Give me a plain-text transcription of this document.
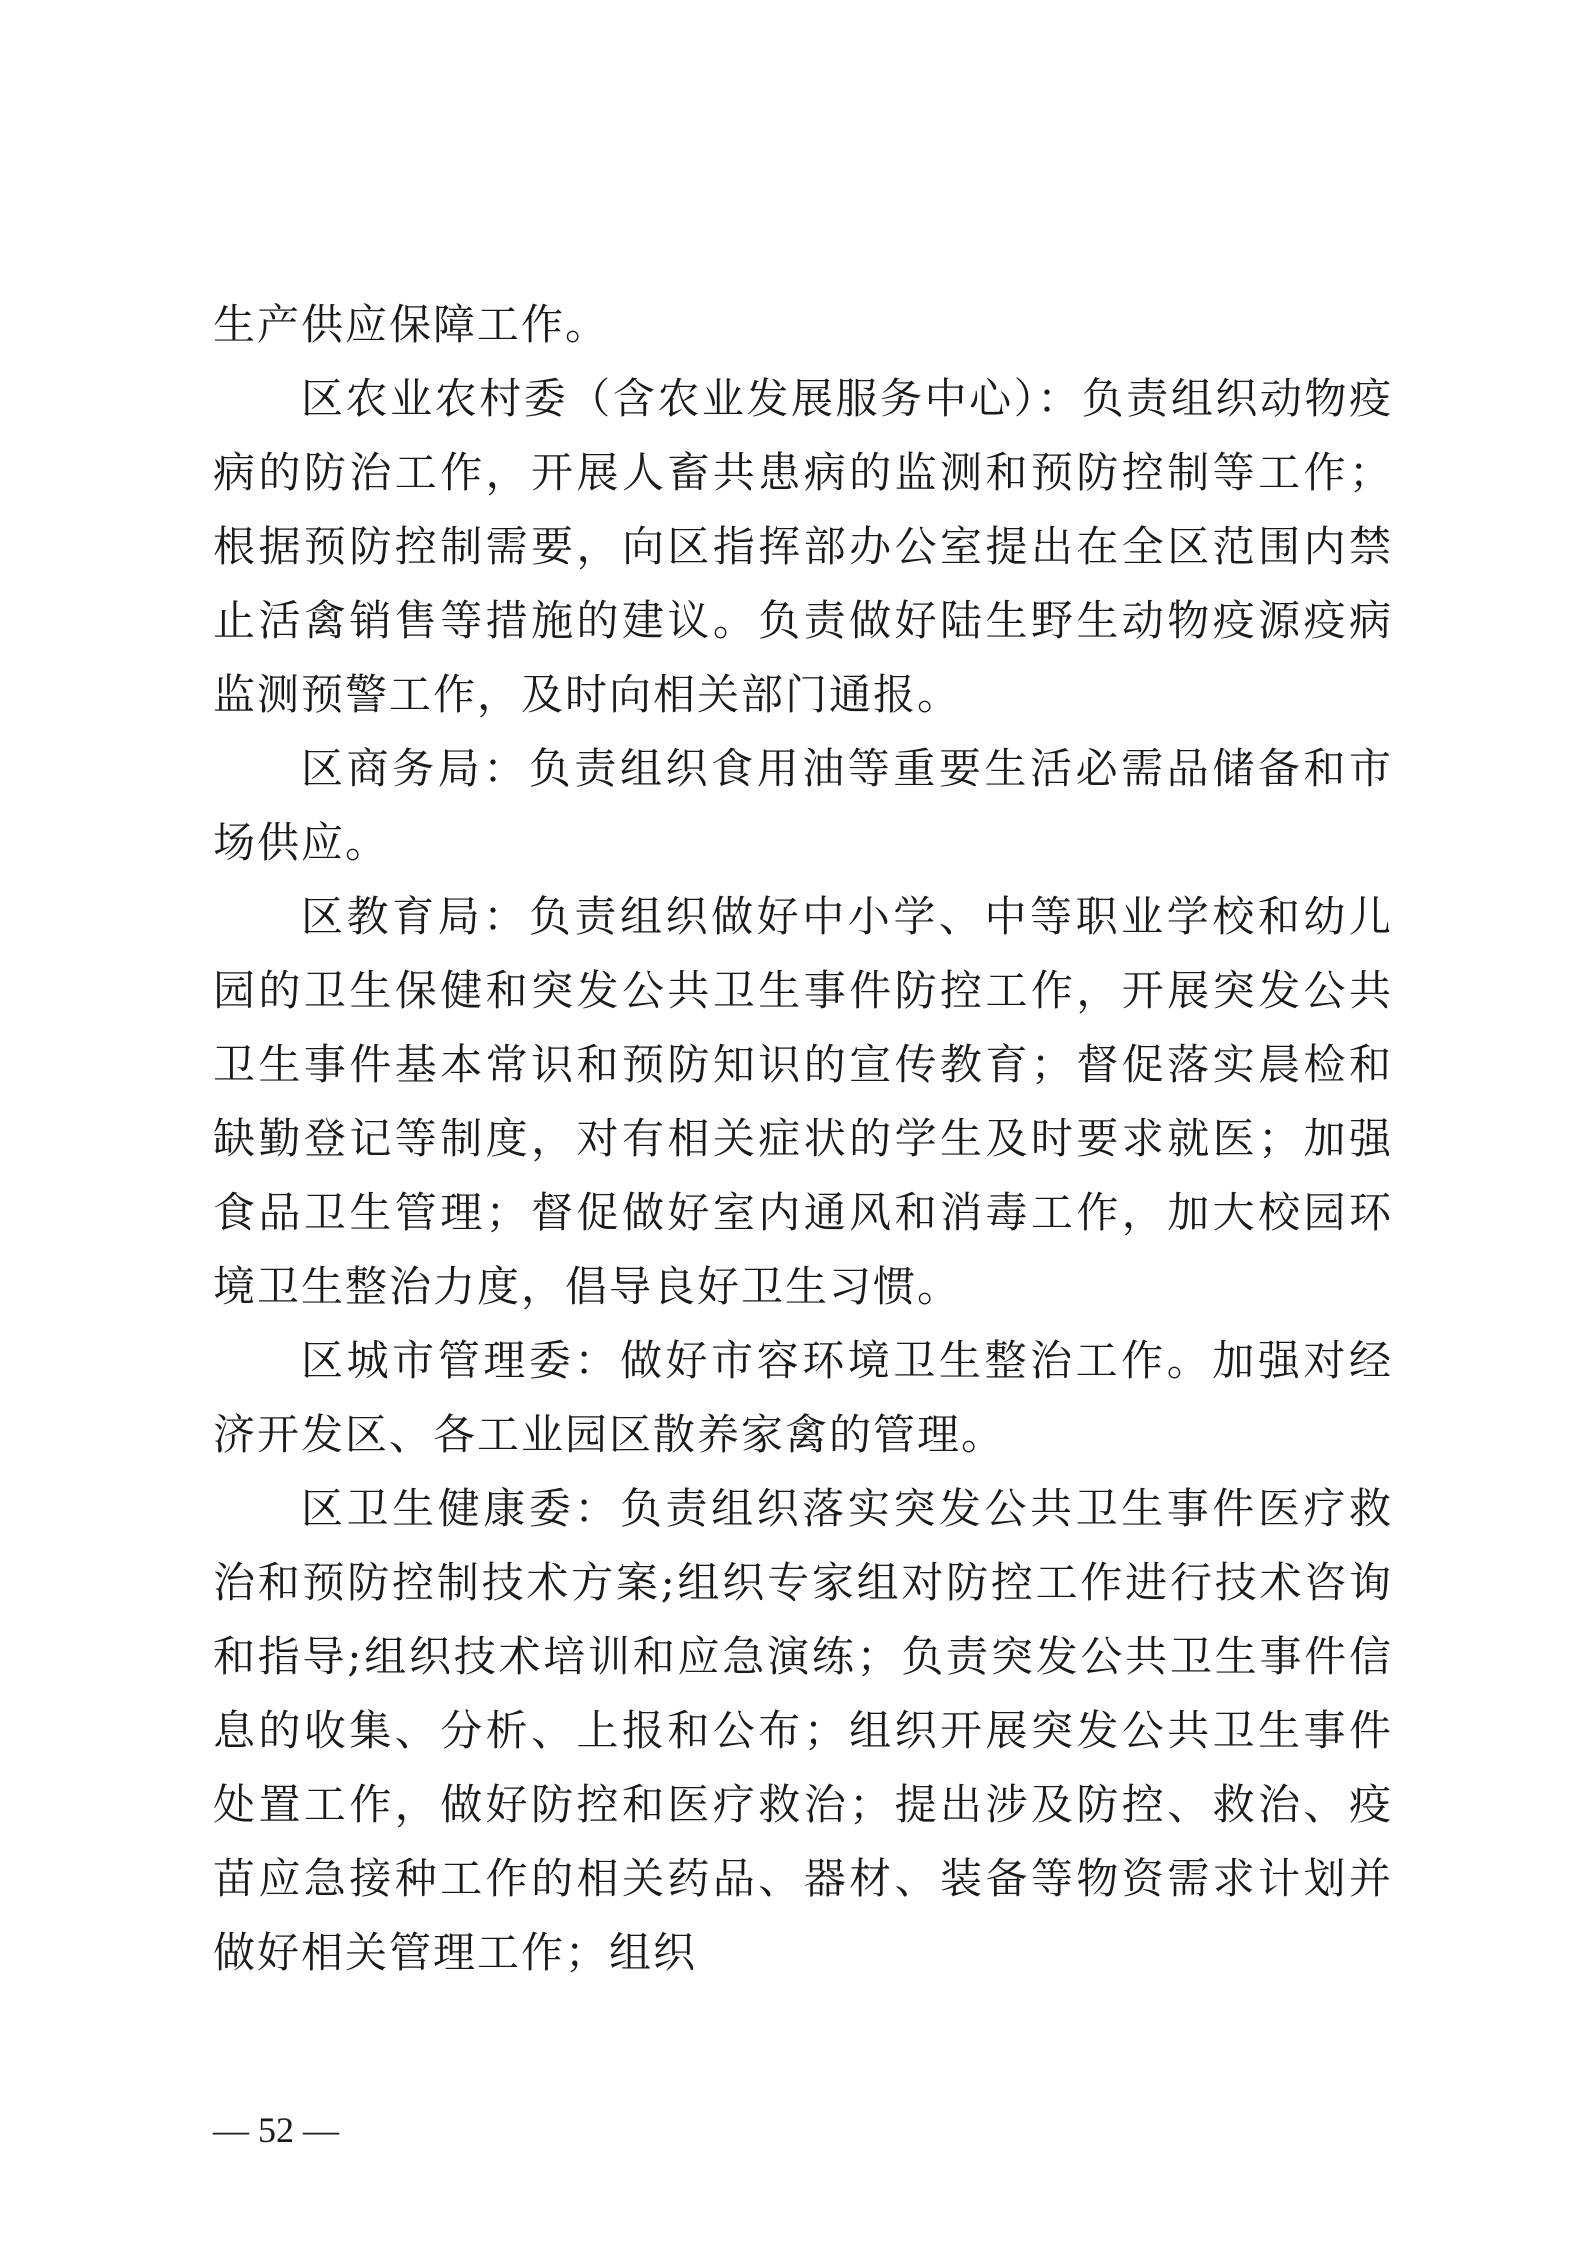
生产供应保障工作。

区农业农村委（含农业发展服务中心）：负责组织动物疫病的防治工作，开展人畜共患病的监测和预防控制等工作；根据预防控制需要，向区指挥部办公室提出在全区范围内禁止活禽销售等措施的建议。负责做好陆生野生动物疫源疫病监测预警工作，及时向相关部门通报。

区商务局：负责组织食用油等重要生活必需品储备和市场供应。

区教育局：负责组织做好中小学、中等职业学校和幼儿园的卫生保健和突发公共卫生事件防控工作，开展突发公共卫生事件基本常识和预防知识的宣传教育；督促落实晨检和缺勤登记等制度，对有相关症状的学生及时要求就医；加强食品卫生管理；督促做好室内通风和消毒工作，加大校园环境卫生整治力度，倡导良好卫生习惯。

区城市管理委：做好市容环境卫生整治工作。加强对经济开发区、各工业园区散养家禽的管理。

区卫生健康委：负责组织落实突发公共卫生事件医疗救治和预防控制技术方案;组织专家组对防控工作进行技术咨询和指导;组织技术培训和应急演练；负责突发公共卫生事件信息的收集、分析、上报和公布；组织开展突发公共卫生事件处置工作，做好防控和医疗救治；提出涉及防控、救治、疫苗应急接种工作的相关药品、器材、装备等物资需求计划并做好相关管理工作；组织

— 52 —
